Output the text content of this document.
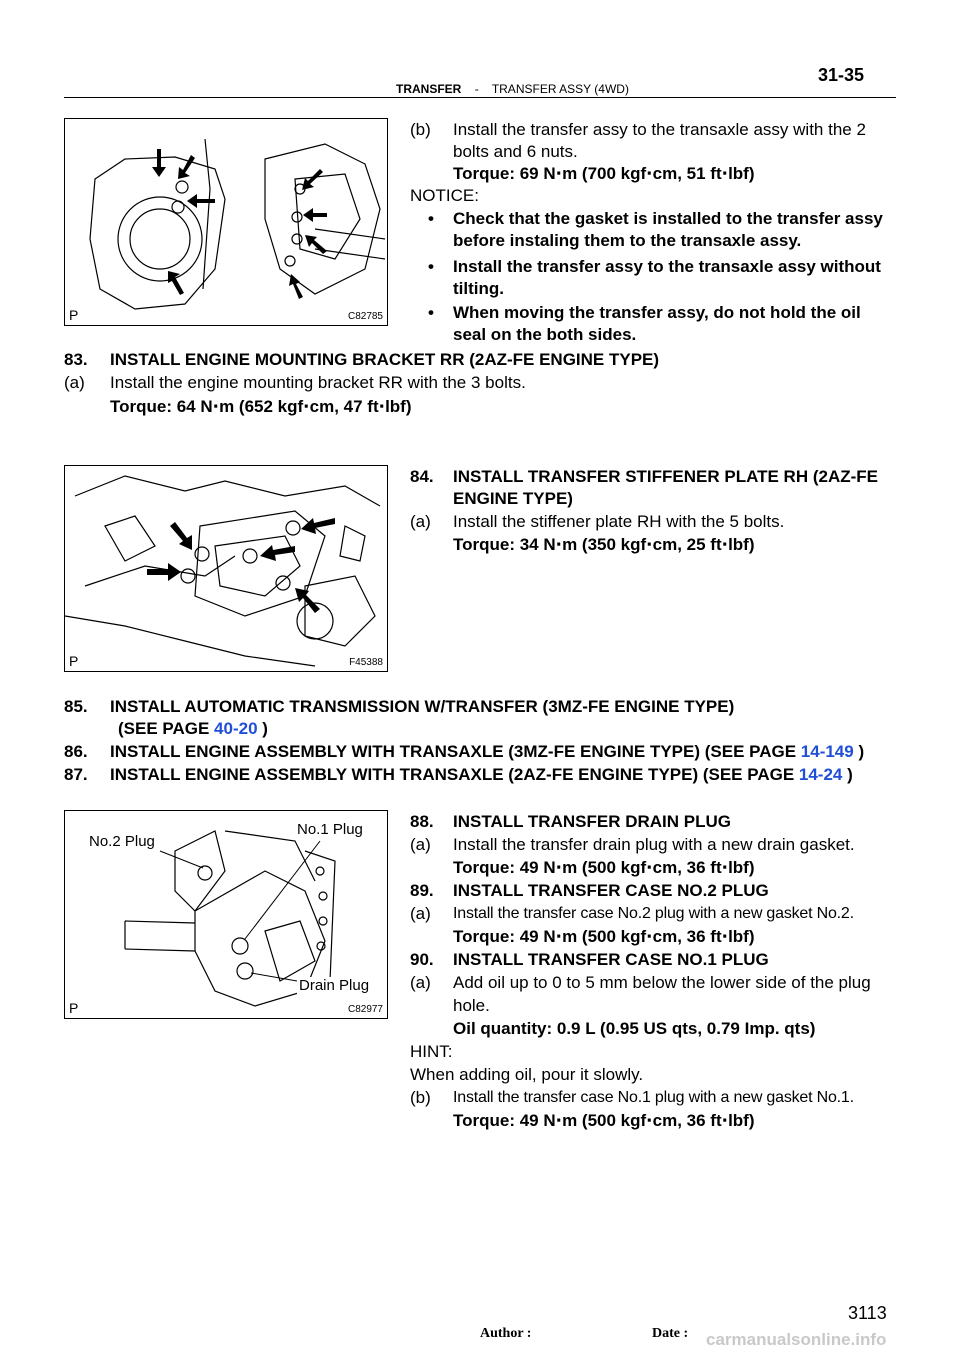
31-35
TRANSFER - TRANSFER ASSY (4WD)
P	C82785
(b) Install the transfer assy to the transaxle assy with the 2
bolts and 6 nuts.
Torque: 69 N⋅m (700 kgf⋅cm, 51 ft⋅lbf)
NOTICE:
• Check that the gasket is installed to the transfer assy
before instaling them to the transaxle assy.
• Install the transfer assy to the transaxle assy without
tilting.
• When moving the transfer assy, do not hold the oil
seal on the both sides.
83. INSTALL ENGINE MOUNTING BRACKET RR (2AZ-FE ENGINE TYPE)
(a) Install the engine mounting bracket RR with the 3 bolts.
Torque: 64 N⋅m (652 kgf⋅cm, 47 ft⋅lbf)
P	F45388
84. INSTALL TRANSFER STIFFENER PLATE RH (2AZ-FE
ENGINE TYPE)
(a) Install the stiffener plate RH with the 5 bolts.
Torque: 34 N⋅m (350 kgf⋅cm, 25 ft⋅lbf)
85. INSTALL AUTOMATIC TRANSMISSION W/TRANSFER (3MZ-FE ENGINE TYPE)
(SEE PAGE 40-20 )
86. INSTALL ENGINE ASSEMBLY WITH TRANSAXLE (3MZ-FE ENGINE TYPE) (SEE PAGE 14-149 )
87. INSTALL ENGINE ASSEMBLY WITH TRANSAXLE (2AZ-FE ENGINE TYPE) (SEE PAGE 14-24 )
No.2 Plug
No.1 Plug
Drain Plug
P	C82977
88. INSTALL TRANSFER DRAIN PLUG
(a) Install the transfer drain plug with a new drain gasket.
Torque: 49 N⋅m (500 kgf⋅cm, 36 ft⋅lbf)
89. INSTALL TRANSFER CASE NO.2 PLUG
(a) Install the transfer case No.2 plug with a new gasket No.2.
Torque: 49 N⋅m (500 kgf⋅cm, 36 ft⋅lbf)
90. INSTALL TRANSFER CASE NO.1 PLUG
(a) Add oil up to 0 to 5 mm below the lower side of the plug
hole.
Oil quantity: 0.9 L (0.95 US qts, 0.79 Imp. qts)
HINT:
When adding oil, pour it slowly.
(b) Install the transfer case No.1 plug with a new gasket No.1.
Torque: 49 N⋅m (500 kgf⋅cm, 36 ft⋅lbf)
3113
Author :	Date : carmanualsonline.info
